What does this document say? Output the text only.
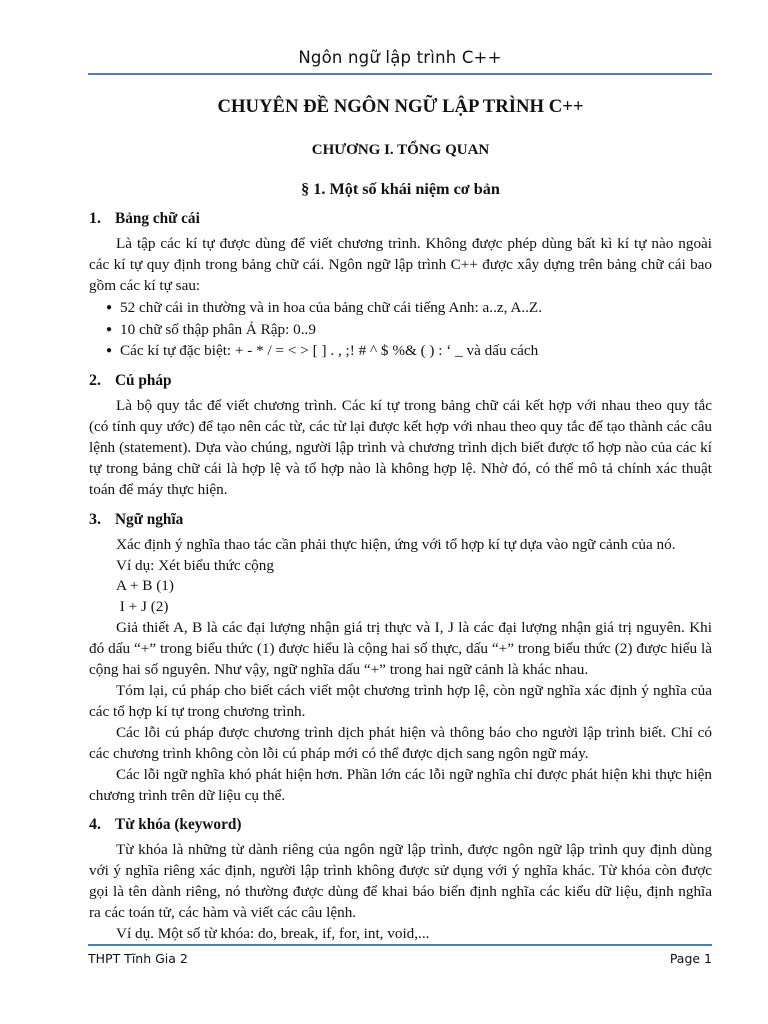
Ngôn ngữ lập trình C++
CHUYÊN ĐỀ NGÔN NGỮ LẬP TRÌNH C++
CHƯƠNG I. TỔNG QUAN
§ 1. Một số khái niệm cơ bản
1. Bảng chữ cái

Là tập các kí tự được dùng để viết chương trình. Không được phép dùng bất kì kí tự nào ngoài các kí tự quy định trong bảng chữ cái. Ngôn ngữ lập trình C++ được xây dựng trên bảng chữ cái bao gồm các kí tự sau:

● 52 chữ cái in thường và in hoa của bảng chữ cái tiếng Anh: a..z, A..Z.
● 10 chữ số thập phân Ả Rập: 0..9
● Các kí tự đặc biệt: + - * / = < > [ ] . , ;! # ^ $ %& ( ) : ‘ _ và dấu cách
2. Cú pháp

Là bộ quy tắc để viết chương trình. Các kí tự trong bảng chữ cái kết hợp với nhau theo quy tắc (có tính quy ước) để tạo nên các từ, các từ lại được kết hợp với nhau theo quy tắc để tạo thành các câu lệnh (statement). Dựa vào chúng, người lập trình và chương trình dịch biết được tổ hợp nào của các kí tự trong bảng chữ cái là hợp lệ và tổ hợp nào là không hợp lệ. Nhờ đó, có thể mô tả chính xác thuật toán để máy thực hiện.

3. Ngữ nghĩa

Xác định ý nghĩa thao tác cần phải thực hiện, ứng với tổ hợp kí tự dựa vào ngữ cảnh của nó.

Ví dụ: Xét biểu thức cộng
A + B (1)
I + J (2)

Giả thiết A, B là các đại lượng nhận giá trị thực và I, J là các đại lượng nhận giá trị nguyên. Khi đó dấu “+” trong biểu thức (1) được hiểu là cộng hai số thực, dấu “+” trong biểu thức (2) được hiểu là cộng hai số nguyên. Như vậy, ngữ nghĩa dấu “+” trong hai ngữ cảnh là khác nhau.

Tóm lại, cú pháp cho biết cách viết một chương trình hợp lệ, còn ngữ nghĩa xác định ý nghĩa của các tổ hợp kí tự trong chương trình.

Các lỗi cú pháp được chương trình dịch phát hiện và thông báo cho người lập trình biết. Chỉ có các chương trình không còn lỗi cú pháp mới có thể được dịch sang ngôn ngữ máy.

Các lỗi ngữ nghĩa khó phát hiện hơn. Phần lớn các lỗi ngữ nghĩa chỉ được phát hiện khi thực hiện chương trình trên dữ liệu cụ thể.

4. Từ khóa (keyword)

Từ khóa là những từ dành riêng của ngôn ngữ lập trình, được ngôn ngữ lập trình quy định dùng với ý nghĩa riêng xác định, người lập trình không được sử dụng với ý nghĩa khác. Từ khóa còn được gọi là tên dành riêng, nó thường được dùng để khai báo biến định nghĩa các kiểu dữ liệu, định nghĩa ra các toán tử, các hàm và viết các câu lệnh.

Ví dụ. Một số từ khóa: do, break, if, for, int, void,...

THPT Tĩnh Gia 2	Page 1
